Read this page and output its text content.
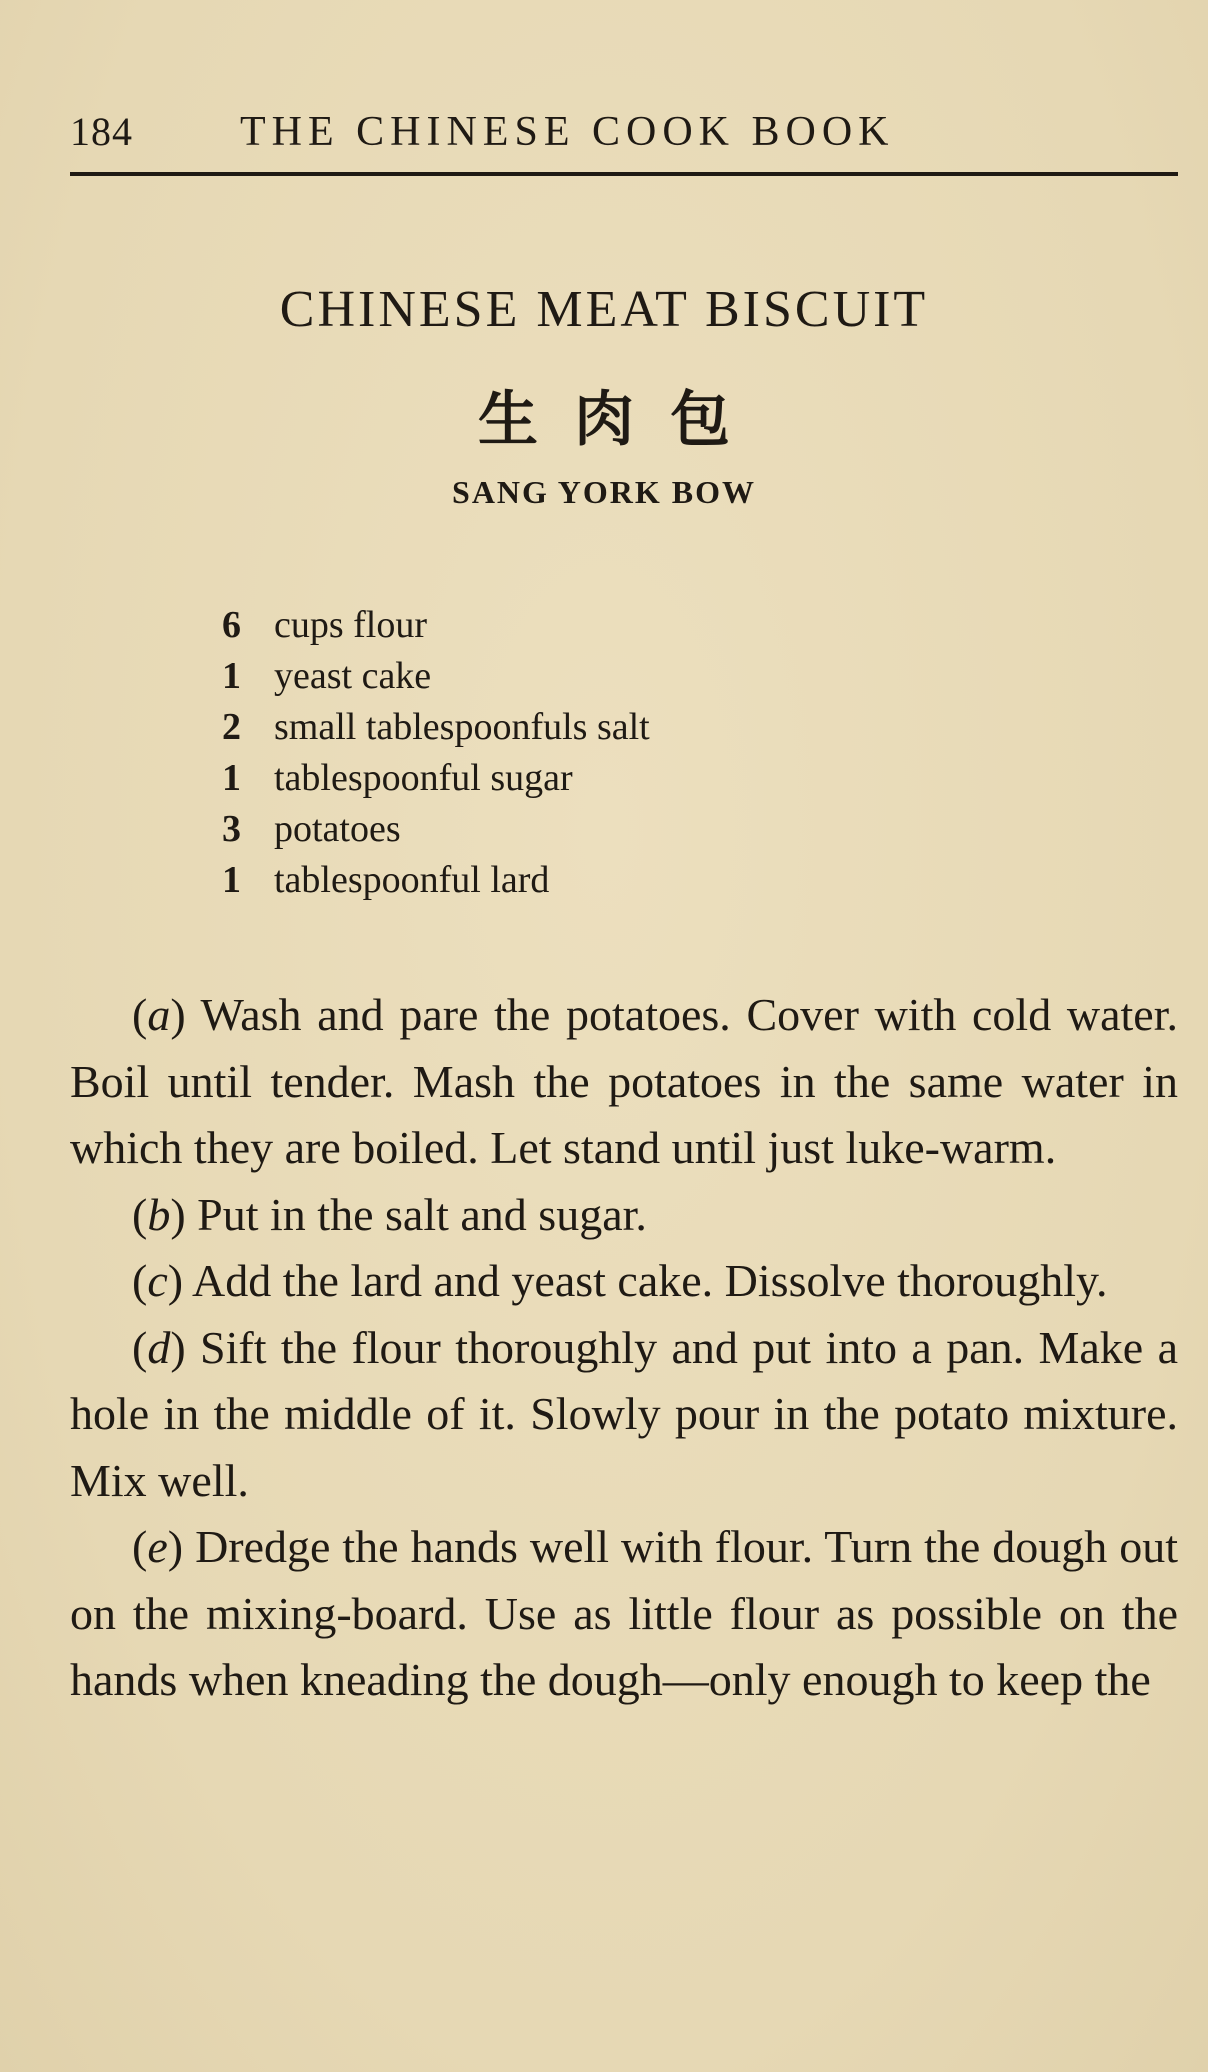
184	THE CHINESE COOK BOOK
CHINESE MEAT BISCUIT
生肉包
SANG YORK BOW
6 cups flour
1 yeast cake
2 small tablespoonfuls salt
1 tablespoonful sugar
3 potatoes
1 tablespoonful lard

(a) Wash and pare the potatoes. Cover with cold water. Boil until tender. Mash the potatoes in the same water in which they are boiled. Let stand until just luke-warm.

(b) Put in the salt and sugar.

(c) Add the lard and yeast cake. Dissolve thoroughly.

(d) Sift the flour thoroughly and put into a pan. Make a hole in the middle of it. Slowly pour in the potato mixture. Mix well.

(e) Dredge the hands well with flour. Turn the dough out on the mixing-board. Use as little flour as possible on the hands when kneading the dough—only enough to keep the
